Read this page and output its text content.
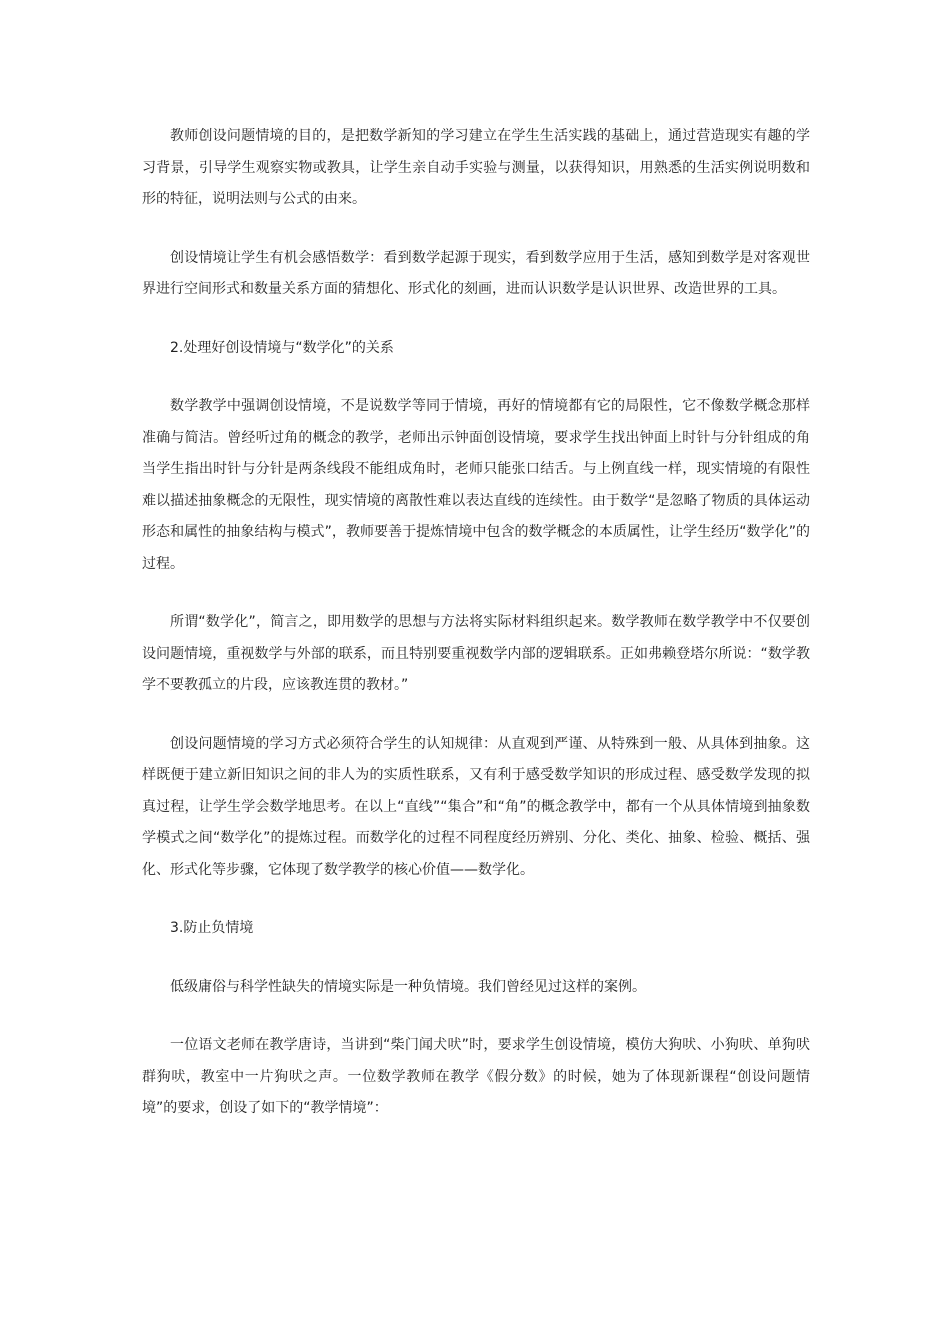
教师创设问题情境的目的，是把数学新知的学习建立在学生生活实践的基础上，通过营造现实有趣的学习背景，引导学生观察实物或教具，让学生亲自动手实验与测量，以获得知识，用熟悉的生活实例说明数和形的特征，说明法则与公式的由来。

创设情境让学生有机会感悟数学：看到数学起源于现实，看到数学应用于生活，感知到数学是对客观世界进行空间形式和数量关系方面的猜想化、形式化的刻画，进而认识数学是认识世界、改造世界的工具。

2.处理好创设情境与“数学化”的关系

数学教学中强调创设情境，不是说数学等同于情境，再好的情境都有它的局限性，它不像数学概念那样准确与简洁。曾经听过角的概念的教学，老师出示钟面创设情境，要求学生找出钟面上时针与分针组成的角当学生指出时针与分针是两条线段不能组成角时，老师只能张口结舌。与上例直线一样，现实情境的有限性难以描述抽象概念的无限性，现实情境的离散性难以表达直线的连续性。由于数学“是忽略了物质的具体运动形态和属性的抽象结构与模式”，教师要善于提炼情境中包含的数学概念的本质属性，让学生经历“数学化”的过程。

所谓“数学化”，简言之，即用数学的思想与方法将实际材料组织起来。数学教师在数学教学中不仅要创设问题情境，重视数学与外部的联系，而且特别要重视数学内部的逻辑联系。正如弗赖登塔尔所说：“数学教学不要教孤立的片段，应该教连贯的教材。”

创设问题情境的学习方式必须符合学生的认知规律：从直观到严谨、从特殊到一般、从具体到抽象。这样既便于建立新旧知识之间的非人为的实质性联系，又有利于感受数学知识的形成过程、感受数学发现的拟真过程，让学生学会数学地思考。在以上“直线”“集合”和“角”的概念教学中，都有一个从具体情境到抽象数学模式之间“数学化”的提炼过程。而数学化的过程不同程度经历辨别、分化、类化、抽象、检验、概括、强化、形式化等步骤，它体现了数学教学的核心价值——数学化。

3.防止负情境

低级庸俗与科学性缺失的情境实际是一种负情境。我们曾经见过这样的案例。

一位语文老师在教学唐诗，当讲到“柴门闻犬吠”时，要求学生创设情境，模仿大狗吠、小狗吠、单狗吠群狗吠，教室中一片狗吠之声。一位数学教师在教学《假分数》的时候，她为了体现新课程“创设问题情境”的要求，创设了如下的“教学情境”：
